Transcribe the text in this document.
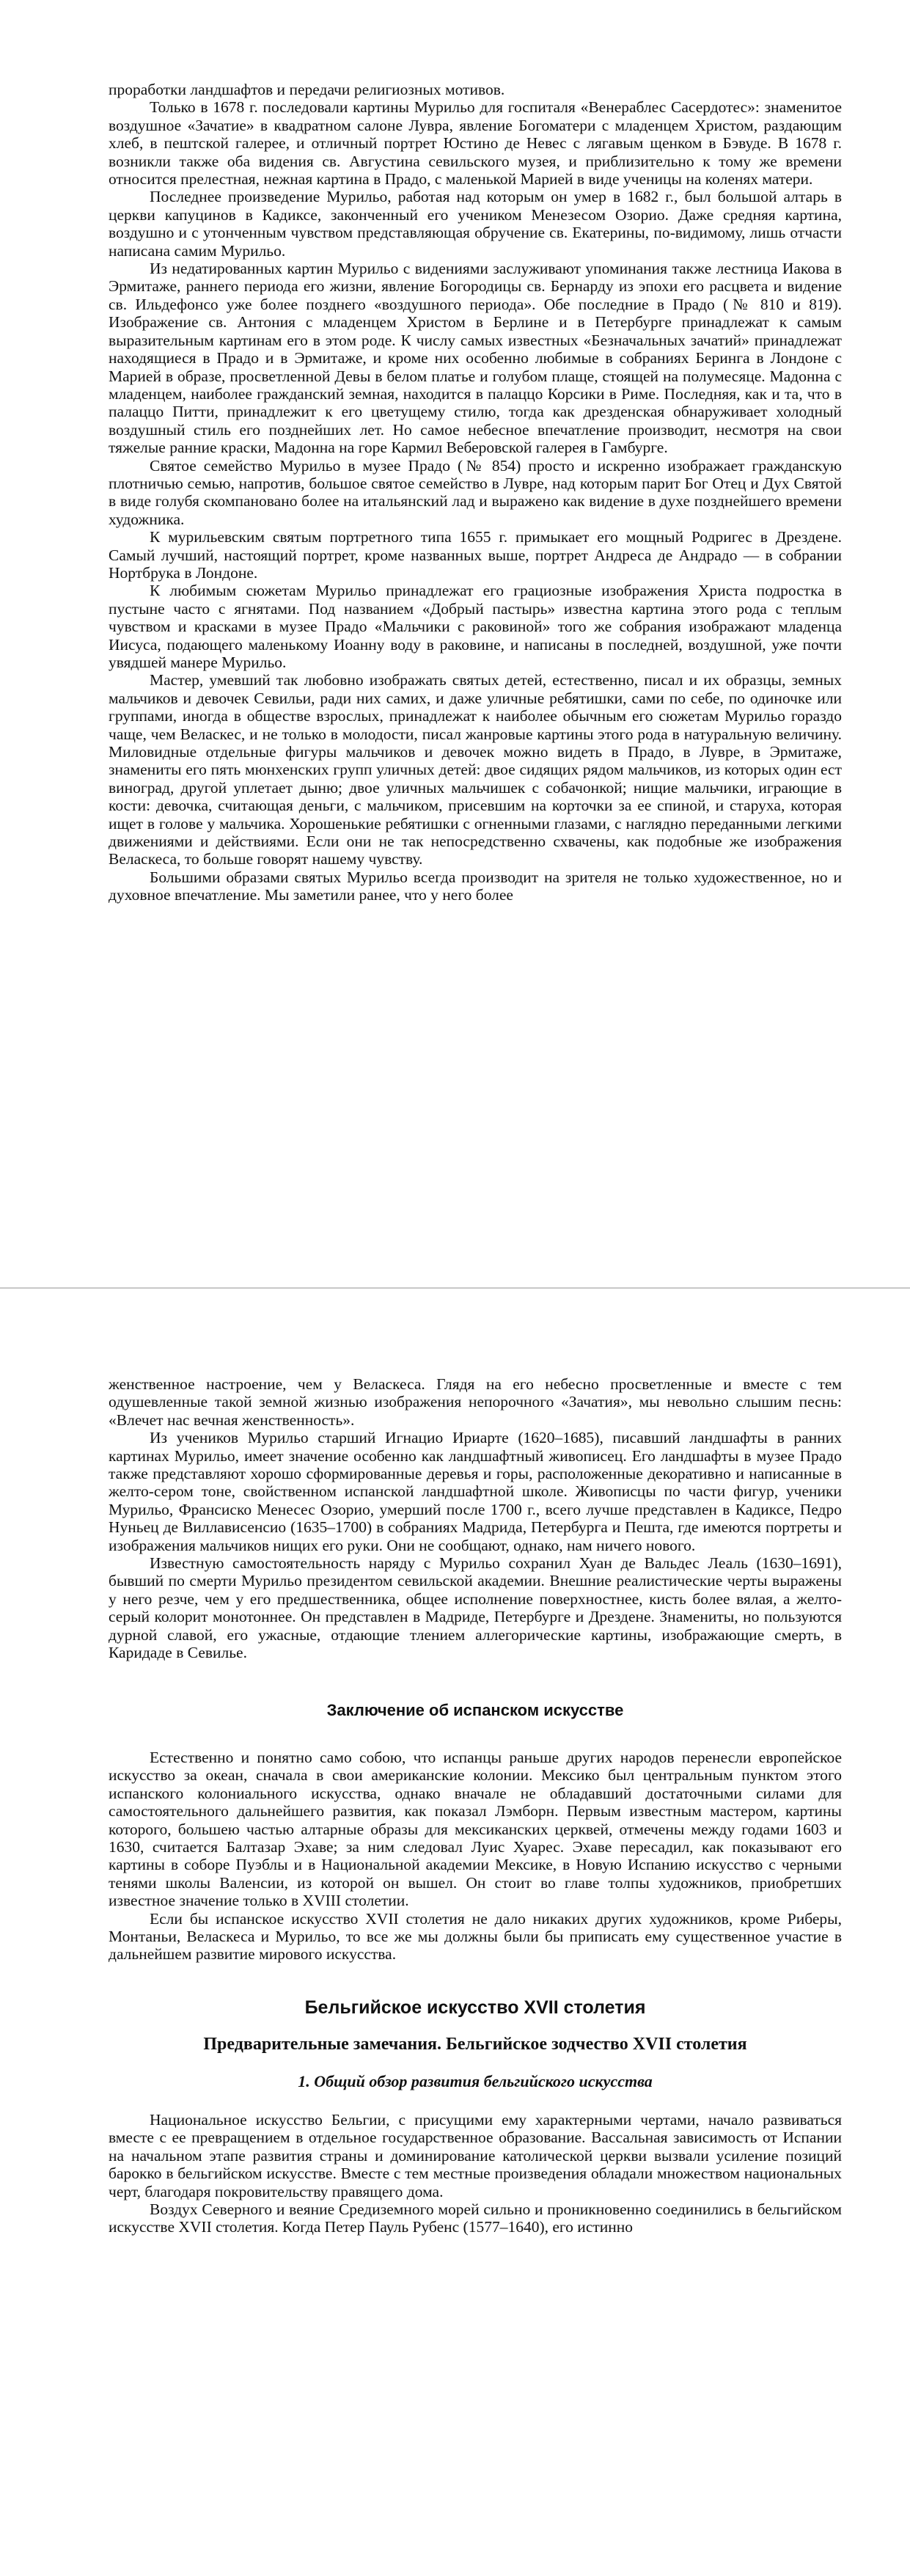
проработки ландшафтов и передачи религиозных мотивов.

Только в 1678 г. последовали картины Мурильо для госпиталя «Венераблес Сасердотес»: знаменитое воздушное «Зачатие» в квадратном салоне Лувра, явление Богоматери с младенцем Христом, раздающим хлеб, в пештской галерее, и отличный портрет Юстино де Невес с лягавым щенком в Бэвуде. В 1678 г. возникли также оба видения св. Августина севильского музея, и приблизительно к тому же времени относится прелестная, нежная картина в Прадо, с маленькой Марией в виде ученицы на коленях матери.

Последнее произведение Мурильо, работая над которым он умер в 1682 г., был большой алтарь в церкви капуцинов в Кадиксе, законченный его учеником Менезесом Озорио. Даже средняя картина, воздушно и с утонченным чувством представляющая обручение св. Екатерины, по-видимому, лишь отчасти написана самим Мурильо.

Из недатированных картин Мурильо с видениями заслуживают упоминания также лестница Иакова в Эрмитаже, раннего периода его жизни, явление Богородицы св. Бернарду из эпохи его расцвета и видение св. Ильдефонсо уже более позднего «воздушного периода». Обе последние в Прадо (№ 810 и 819). Изображение св. Антония с младенцем Христом в Берлине и в Петербурге принадлежат к самым выразительным картинам его в этом роде. К числу самых известных «Безначальных зачатий» принадлежат находящиеся в Прадо и в Эрмитаже, и кроме них особенно любимые в собраниях Беринга в Лондоне с Марией в образе, просветленной Девы в белом платье и голубом плаще, стоящей на полумесяце. Мадонна с младенцем, наиболее гражданский земная, находится в палаццо Корсики в Риме. Последняя, как и та, что в палаццо Питти, принадлежит к его цветущему стилю, тогда как дрезденская обнаруживает холодный воздушный стиль его позднейших лет. Но самое небесное впечатление производит, несмотря на свои тяжелые ранние краски, Мадонна на горе Кармил Веберовской галерея в Гамбурге.

Святое семейство Мурильо в музее Прадо (№ 854) просто и искренно изображает гражданскую плотничью семью, напротив, большое святое семейство в Лувре, над которым парит Бог Отец и Дух Святой в виде голубя скомпановано более на итальянский лад и выражено как видение в духе позднейшего времени художника.

К мурильевским святым портретного типа 1655 г. примыкает его мощный Родригес в Дрездене. Самый лучший, настоящий портрет, кроме названных выше, портрет Андреса де Андрадо — в собрании Нортбрука в Лондоне.

К любимым сюжетам Мурильо принадлежат его грациозные изображения Христа подростка в пустыне часто с ягнятами. Под названием «Добрый пастырь» известна картина этого рода с теплым чувством и красками в музее Прадо «Мальчики с раковиной» того же собрания изображают младенца Иисуса, подающего маленькому Иоанну воду в раковине, и написаны в последней, воздушной, уже почти увядшей манере Мурильо.

Мастер, умевший так любовно изображать святых детей, естественно, писал и их образцы, земных мальчиков и девочек Севильи, ради них самих, и даже уличные ребятишки, сами по себе, по одиночке или группами, иногда в обществе взрослых, принадлежат к наиболее обычным его сюжетам Мурильо гораздо чаще, чем Веласкес, и не только в молодости, писал жанровые картины этого рода в натуральную величину. Миловидные отдельные фигуры мальчиков и девочек можно видеть в Прадо, в Лувре, в Эрмитаже, знамениты его пять мюнхенских групп уличных детей: двое сидящих рядом мальчиков, из которых один ест виноград, другой уплетает дыню; двое уличных мальчишек с собачонкой; нищие мальчики, играющие в кости: девочка, считающая деньги, с мальчиком, присевшим на корточки за ее спиной, и старуха, которая ищет в голове у мальчика. Хорошенькие ребятишки с огненными глазами, с наглядно переданными легкими движениями и действиями. Если они не так непосредственно схвачены, как подобные же изображения Веласкеса, то больше говорят нашему чувству.

Большими образами святых Мурильо всегда производит на зрителя не только художественное, но и духовное впечатление. Мы заметили ранее, что у него более

женственное настроение, чем у Веласкеса. Глядя на его небесно просветленные и вместе с тем одушевленные такой земной жизнью изображения непорочного «Зачатия», мы невольно слышим песнь: «Влечет нас вечная женственность».

Из учеников Мурильо старший Игнацио Ириарте (1620–1685), писавший ландшафты в ранних картинах Мурильо, имеет значение особенно как ландшафтный живописец. Его ландшафты в музее Прадо также представляют хорошо сформированные деревья и горы, расположенные декоративно и написанные в желто-сером тоне, свойственном испанской ландшафтной школе. Живописцы по части фигур, ученики Мурильо, Франсиско Менесес Озорио, умерший после 1700 г., всего лучше представлен в Кадиксе, Педро Нуньец де Виллависенсио (1635–1700) в собраниях Мадрида, Петербурга и Пешта, где имеются портреты и изображения мальчиков нищих его руки. Они не сообщают, однако, нам ничего нового.

Известную самостоятельность наряду с Мурильо сохранил Хуан де Вальдес Леаль (1630–1691), бывший по смерти Мурильо президентом севильской академии. Внешние реалистические черты выражены у него резче, чем у его предшественника, общее исполнение поверхностнее, кисть более вялая, а желто-серый колорит монотоннее. Он представлен в Мадриде, Петербурге и Дрездене. Знамениты, но пользуются дурной славой, его ужасные, отдающие тлением аллегорические картины, изображающие смерть, в Каридаде в Севилье.

Заключение об испанском искусстве

Естественно и понятно само собою, что испанцы раньше других народов перенесли европейское искусство за океан, сначала в свои американские колонии. Мексико был центральным пунктом этого испанского колониального искусства, однако вначале не обладавший достаточными силами для самостоятельного дальнейшего развития, как показал Лэмборн. Первым известным мастером, картины которого, большею частью алтарные образы для мексиканских церквей, отмечены между годами 1603 и 1630, считается Балтазар Эхаве; за ним следовал Луис Хуарес. Эхаве пересадил, как показывают его картины в соборе Пуэблы и в Национальной академии Мексике, в Новую Испанию искусство с черными тенями школы Валенсии, из которой он вышел. Он стоит во главе толпы художников, приобретших известное значение только в XVIII столетии.

Если бы испанское искусство XVII столетия не дало никаких других художников, кроме Риберы, Монтаньи, Веласкеса и Мурильо, то все же мы должны были бы приписать ему существенное участие в дальнейшем развитие мирового искусства.

Бельгийское искусство XVII столетия

Предварительные замечания. Бельгийское зодчество XVII столетия

1. Общий обзор развития бельгийского искусства

Национальное искусство Бельгии, с присущими ему характерными чертами, начало развиваться вместе с ее превращением в отдельное государственное образование. Вассальная зависимость от Испании на начальном этапе развития страны и доминирование католической церкви вызвали усиление позиций барокко в бельгийском искусстве. Вместе с тем местные произведения обладали множеством национальных черт, благодаря покровительству правящего дома.

Воздух Северного и веяние Средиземного морей сильно и проникновенно соединились в бельгийском искусстве XVII столетия. Когда Петер Пауль Рубенс (1577–1640), его истинно
